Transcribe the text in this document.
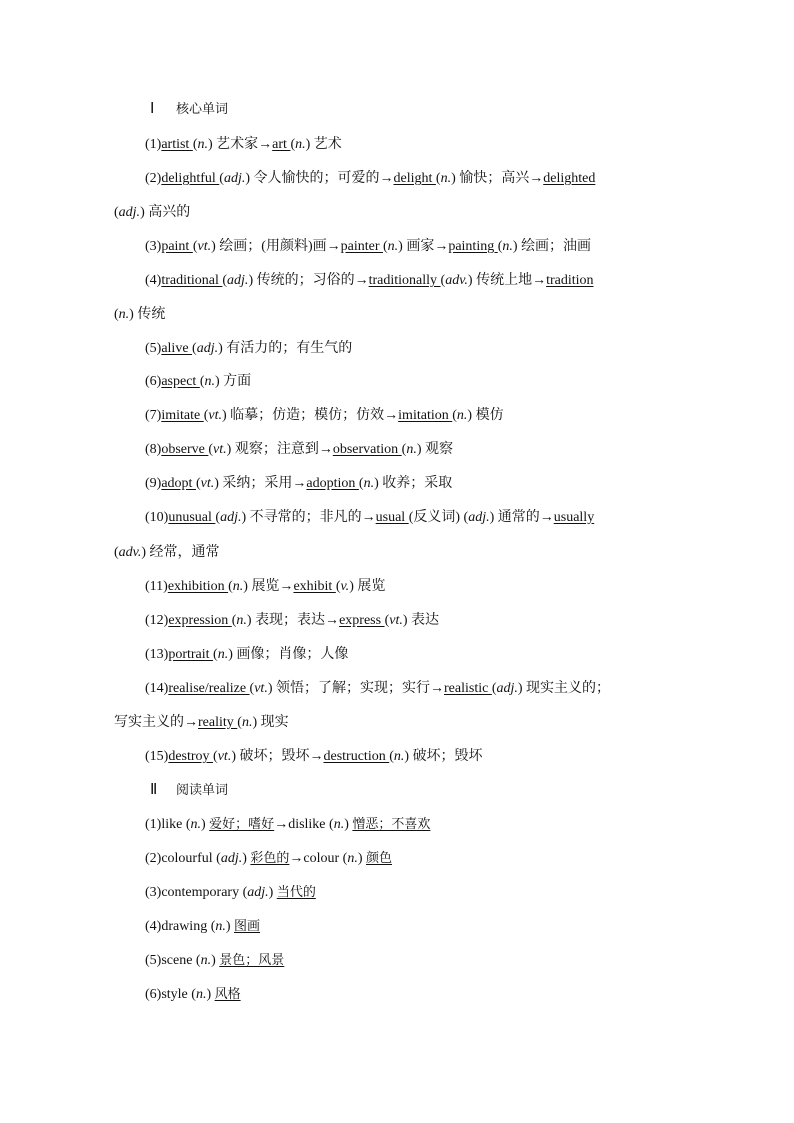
Ⅰ 核心单词
Ⅱ 阅读单词
(1)artist (n.) 艺术家→art (n.) 艺术
(2)delightful (adj.) 令人愉快的；可爱的→delight (n.) 愉快；高兴→delighted
(adj.) 高兴的
(3)paint (vt.) 绘画；(用颜料)画→painter (n.) 画家→painting (n.) 绘画；油画
(4)traditional (adj.) 传统的；习俗的→traditionally (adv.) 传统上地→tradition
(n.) 传统
(5)alive (adj.) 有活力的；有生气的
(6)aspect (n.) 方面
(7)imitate (vt.) 临摹；仿造；模仿；仿效→imitation (n.) 模仿
(8)observe (vt.) 观察；注意到→observation (n.) 观察
(9)adopt (vt.) 采纳；采用→adoption (n.) 收养；采取
(10)unusual (adj.) 不寻常的；非凡的→usual (反义词) (adj.) 通常的→usually
(adv.) 经常，通常
(11)exhibition (n.) 展览→exhibit (v.) 展览
(12)expression (n.) 表现；表达→express (vt.) 表达
(13)portrait (n.) 画像；肖像；人像
(14)realise/realize (vt.) 领悟；了解；实现；实行→realistic (adj.) 现实主义的；
写实主义的→reality (n.) 现实
(15)destroy (vt.) 破坏；毁坏→destruction (n.) 破坏；毁坏
(1)like (n.) 爱好；嗜好→dislike (n.) 憎恶；不喜欢
(2)colourful (adj.) 彩色的→colour (n.) 颜色
(3)contemporary (adj.) 当代的
(4)drawing (n.) 图画
(5)scene (n.) 景色；风景
(6)style (n.) 风格
